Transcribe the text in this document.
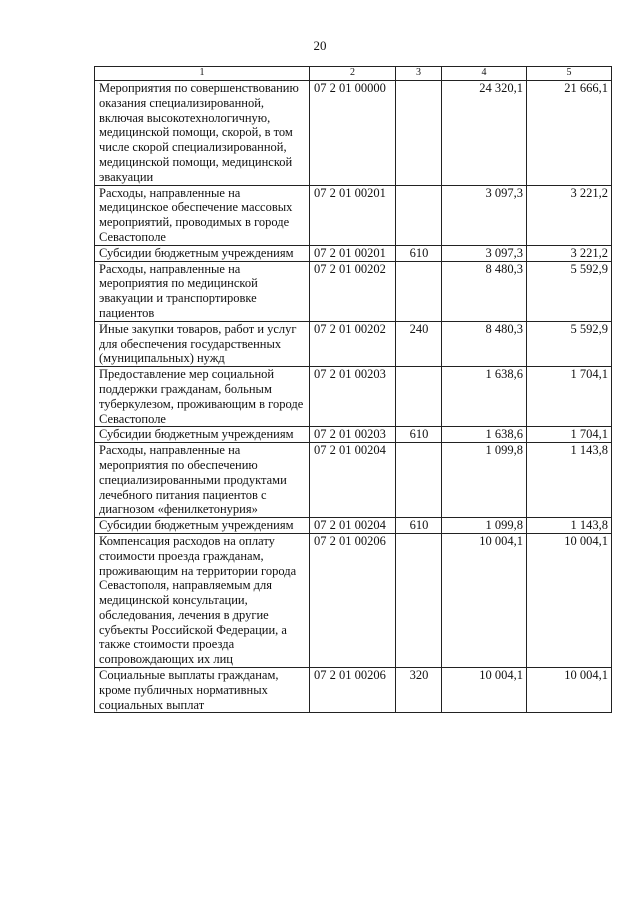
20
1	2	3	4	5
Мероприятия по совершенствованию оказания специализированной, включая высокотехнологичную, медицинской помощи, скорой, в том числе скорой специализированной, медицинской помощи, медицинской эвакуации	07 2 01 00000		24 320,1	21 666,1
Расходы, направленные на медицинское обеспечение массовых мероприятий, проводимых в городе Севастополе	07 2 01 00201		3 097,3	3 221,2
Субсидии бюджетным учреждениям	07 2 01 00201	610	3 097,3	3 221,2
Расходы, направленные на мероприятия по медицинской эвакуации и транспортировке пациентов	07 2 01 00202		8 480,3	5 592,9
Иные закупки товаров, работ и услуг для обеспечения государственных (муниципальных) нужд	07 2 01 00202	240	8 480,3	5 592,9
Предоставление мер социальной поддержки гражданам, больным туберкулезом, проживающим в городе Севастополе	07 2 01 00203		1 638,6	1 704,1
Субсидии бюджетным учреждениям	07 2 01 00203	610	1 638,6	1 704,1
Расходы, направленные на мероприятия по обеспечению специализированными продуктами лечебного питания пациентов с диагнозом «фенилкетонурия»	07 2 01 00204		1 099,8	1 143,8
Субсидии бюджетным учреждениям	07 2 01 00204	610	1 099,8	1 143,8
Компенсация расходов на оплату стоимости проезда гражданам, проживающим на территории города Севастополя, направляемым для медицинской консультации, обследования, лечения в другие субъекты Российской Федерации, а также стоимости проезда сопровождающих их лиц	07 2 01 00206		10 004,1	10 004,1
Социальные выплаты гражданам, кроме публичных нормативных социальных выплат	07 2 01 00206	320	10 004,1	10 004,1
